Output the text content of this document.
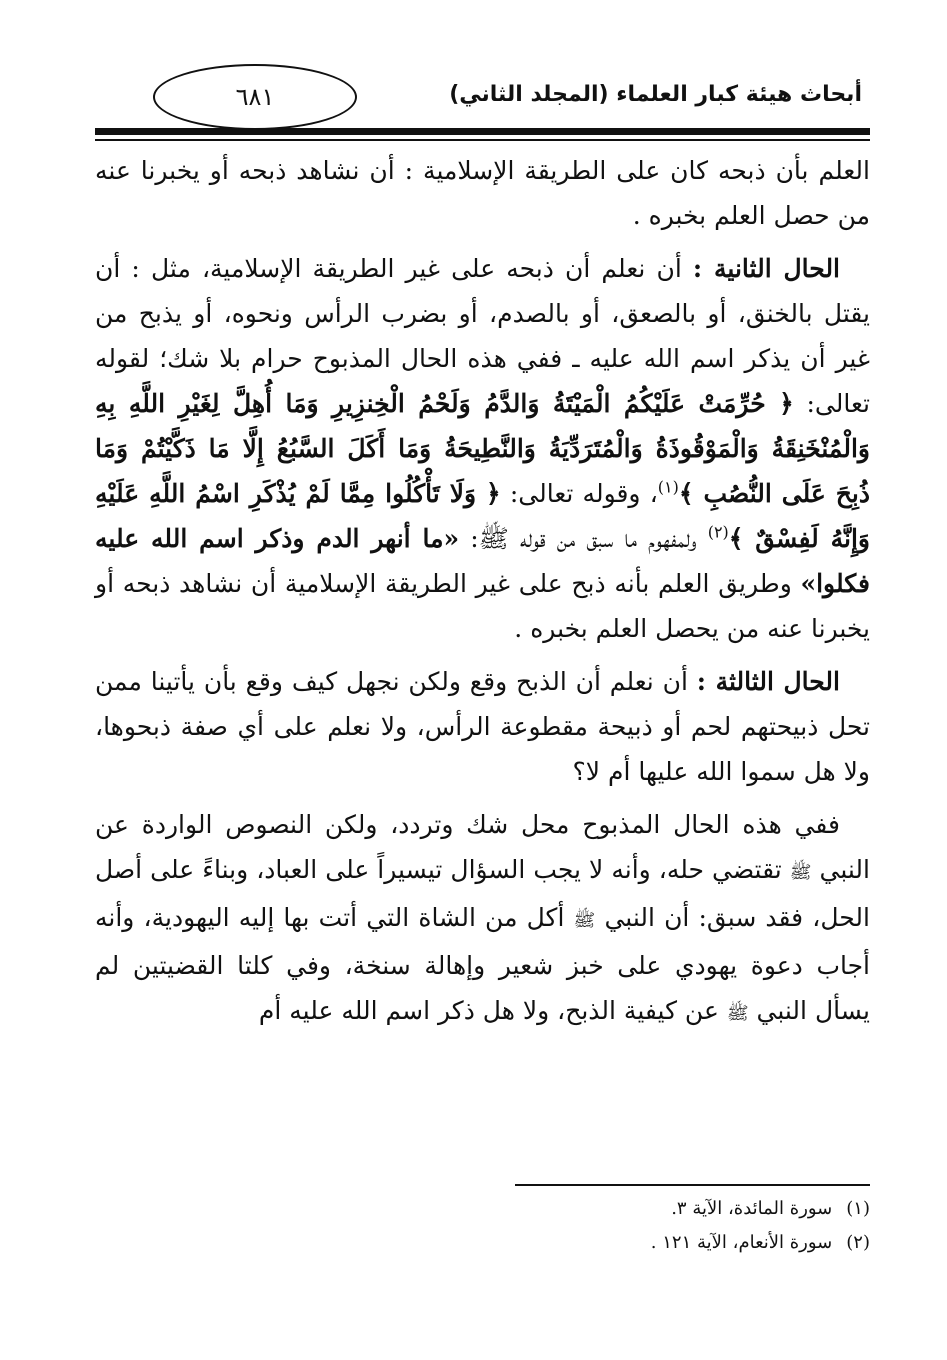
أبحاث هيئة كبار العلماء (المجلد الثاني)
٦٨١

العلم بأن ذبحه كان على الطريقة الإسلامية : أن نشاهد ذبحه أو يخبرنا عنه من حصل العلم بخبره .

الحال الثانية : أن نعلم أن ذبحه على غير الطريقة الإسلامية، مثل : أن يقتل بالخنق، أو بالصعق، أو بالصدم، أو بضرب الرأس ونحوه، أو يذبح من غير أن يذكر اسم الله عليه ـ ففي هذه الحال المذبوح حرام بلا شك؛ لقوله تعالى: ﴿ حُرِّمَتْ عَلَيْكُمُ الْمَيْتَةُ وَالدَّمُ وَلَحْمُ الْخِنزِيرِ وَمَا أُهِلَّ لِغَيْرِ اللَّهِ بِهِ وَالْمُنْخَنِقَةُ وَالْمَوْقُوذَةُ وَالْمُتَرَدِّيَةُ وَالنَّطِيحَةُ وَمَا أَكَلَ السَّبُعُ إِلَّا مَا ذَكَّيْتُمْ وَمَا ذُبِحَ عَلَى النُّصُبِ ﴾$^{(١)}$، وقوله تعالى: ﴿ وَلَا تَأْكُلُوا مِمَّا لَمْ يُذْكَرِ اسْمُ اللَّهِ عَلَيْهِ وَإِنَّهُ لَفِسْقٌ ﴾$^{(٢)}$ ولمفهوم ما سبق من قوله ﷺ: «ما أنهر الدم وذكر اسم الله عليه فكلوا» وطريق العلم بأنه ذبح على غير الطريقة الإسلامية أن نشاهد ذبحه أو يخبرنا عنه من يحصل العلم بخبره .

الحال الثالثة : أن نعلم أن الذبح وقع ولكن نجهل كيف وقع بأن يأتينا ممن تحل ذبيحتهم لحم أو ذبيحة مقطوعة الرأس، ولا نعلم على أي صفة ذبحوها، ولا هل سموا الله عليها أم لا؟

ففي هذه الحال المذبوح محل شك وتردد، ولكن النصوص الواردة عن النبي ﷺ تقتضي حله، وأنه لا يجب السؤال تيسيراً على العباد، وبناءً على أصل الحل، فقد سبق: أن النبي ﷺ أكل من الشاة التي أتت بها إليه اليهودية، وأنه أجاب دعوة يهودي على خبز شعير وإهالة سنخة، وفي كلتا القضيتين لم يسأل النبي ﷺ عن كيفية الذبح، ولا هل ذكر اسم الله عليه أم

(١)سورة المائدة، الآية ٣.
(٢)سورة الأنعام، الآية ١٢١ .
